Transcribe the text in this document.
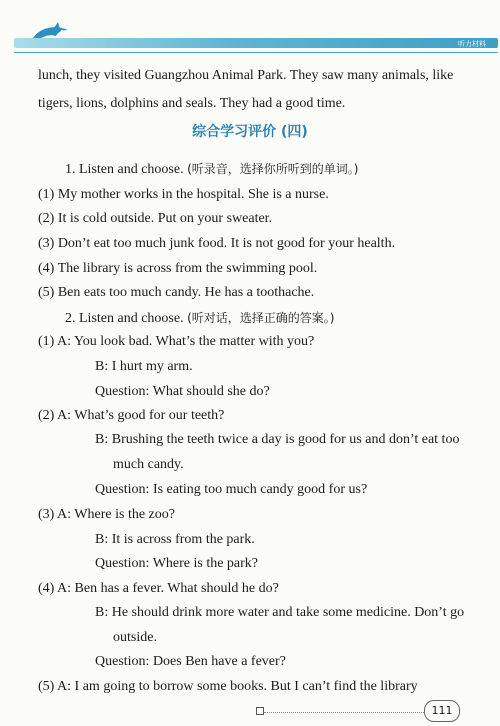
听力材料
lunch, they visited Guangzhou Animal Park. They saw many animals, like
tigers, lions, dolphins and seals. They had a good time.
综合学习评价 (四)
1. Listen and choose. (听录音，选择你所听到的单词。)
(1) My mother works in the hospital. She is a nurse.
(2) It is cold outside. Put on your sweater.
(3) Don’t eat too much junk food. It is not good for your health.
(4) The library is across from the swimming pool.
(5) Ben eats too much candy. He has a toothache.
2. Listen and choose. (听对话，选择正确的答案。)
(1) A: You look bad. What’s the matter with you?
B: I hurt my arm.
Question: What should she do?
(2) A: What’s good for our teeth?
B: Brushing the teeth twice a day is good for us and don’t eat too
much candy.
Question: Is eating too much candy good for us?
(3) A: Where is the zoo?
B: It is across from the park.
Question: Where is the park?
(4) A: Ben has a fever. What should he do?
B: He should drink more water and take some medicine. Don’t go
outside.
Question: Does Ben have a fever?
(5) A: I am going to borrow some books. But I can’t find the library
111
